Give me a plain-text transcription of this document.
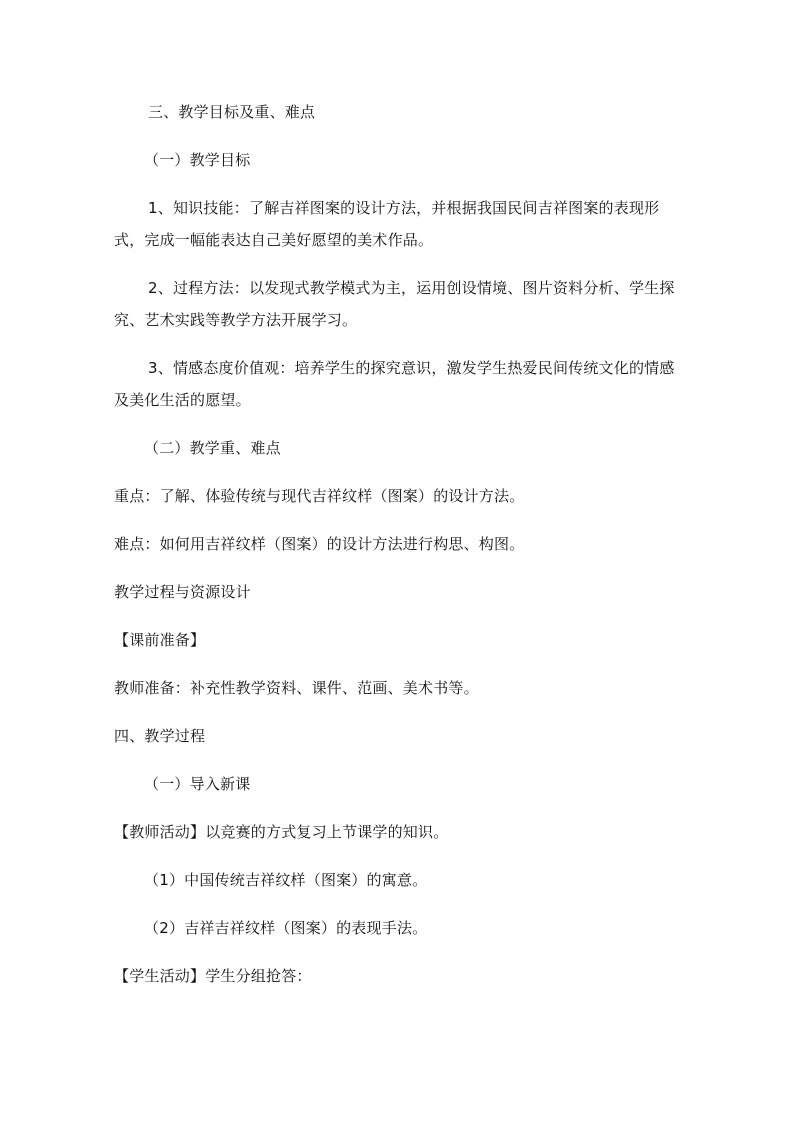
三、教学目标及重、难点

（一）教学目标

1、知识技能：了解吉祥图案的设计方法，并根据我国民间吉祥图案的表现形式，完成一幅能表达自己美好愿望的美术作品。

2、过程方法：以发现式教学模式为主，运用创设情境、图片资料分析、学生探究、艺术实践等教学方法开展学习。

3、情感态度价值观：培养学生的探究意识，激发学生热爱民间传统文化的情感及美化生活的愿望。

（二）教学重、难点

重点：了解、体验传统与现代吉祥纹样（图案）的设计方法。

难点：如何用吉祥纹样（图案）的设计方法进行构思、构图。

教学过程与资源设计

【课前准备】

教师准备：补充性教学资料、课件、范画、美术书等。

四、教学过程

（一）导入新课

【教师活动】以竞赛的方式复习上节课学的知识。

（1）中国传统吉祥纹样（图案）的寓意。

（2）吉祥吉祥纹样（图案）的表现手法。

【学生活动】学生分组抢答：
